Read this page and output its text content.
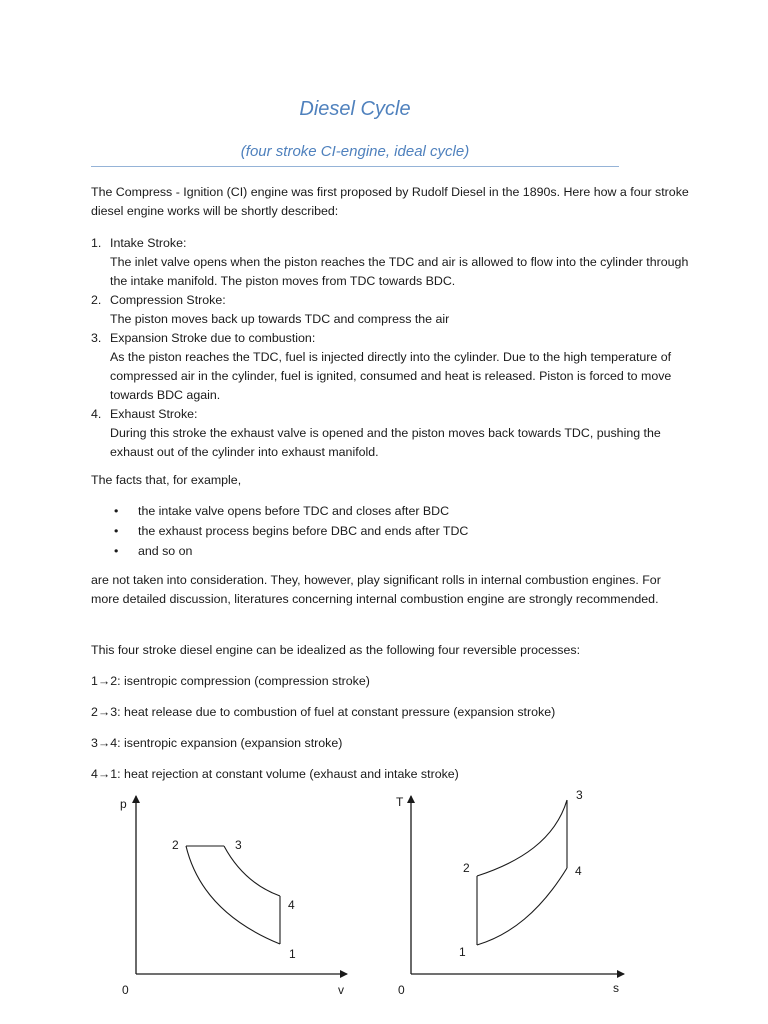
Diesel Cycle
(four stroke CI-engine, ideal cycle)

The Compress - Ignition (CI) engine was first proposed by Rudolf Diesel in the 1890s. Here how a four stroke diesel engine works will be shortly described:

1. Intake Stroke:
The inlet valve opens when the piston reaches the TDC and air is allowed to flow into the cylinder through the intake manifold. The piston moves from TDC towards BDC.
2. Compression Stroke:
The piston moves back up towards TDC and compress the air
3. Expansion Stroke due to combustion:
As the piston reaches the TDC, fuel is injected directly into the cylinder. Due to the high temperature of compressed air in the cylinder, fuel is ignited, consumed and heat is released. Piston is forced to move towards BDC again.
4. Exhaust Stroke:
During this stroke the exhaust valve is opened and the piston moves back towards TDC, pushing the exhaust out of the cylinder into exhaust manifold.

The facts that, for example,

• the intake valve opens before TDC and closes after BDC
• the exhaust process begins before DBC and ends after TDC
• and so on

are not taken into consideration. They, however, play significant rolls in internal combustion engines. For more detailed discussion, literatures concerning internal combustion engine are strongly recommended.

This four stroke diesel engine can be idealized as the following four reversible processes:

1→2: isentropic compression (compression stroke)
2→3: heat release due to combustion of fuel at constant pressure (expansion stroke)
3→4: isentropic expansion (expansion stroke)
4→1: heat rejection at constant volume (exhaust and intake stroke)
p
v
0
1
2	3
4
T
s
0
1
2
3
4
